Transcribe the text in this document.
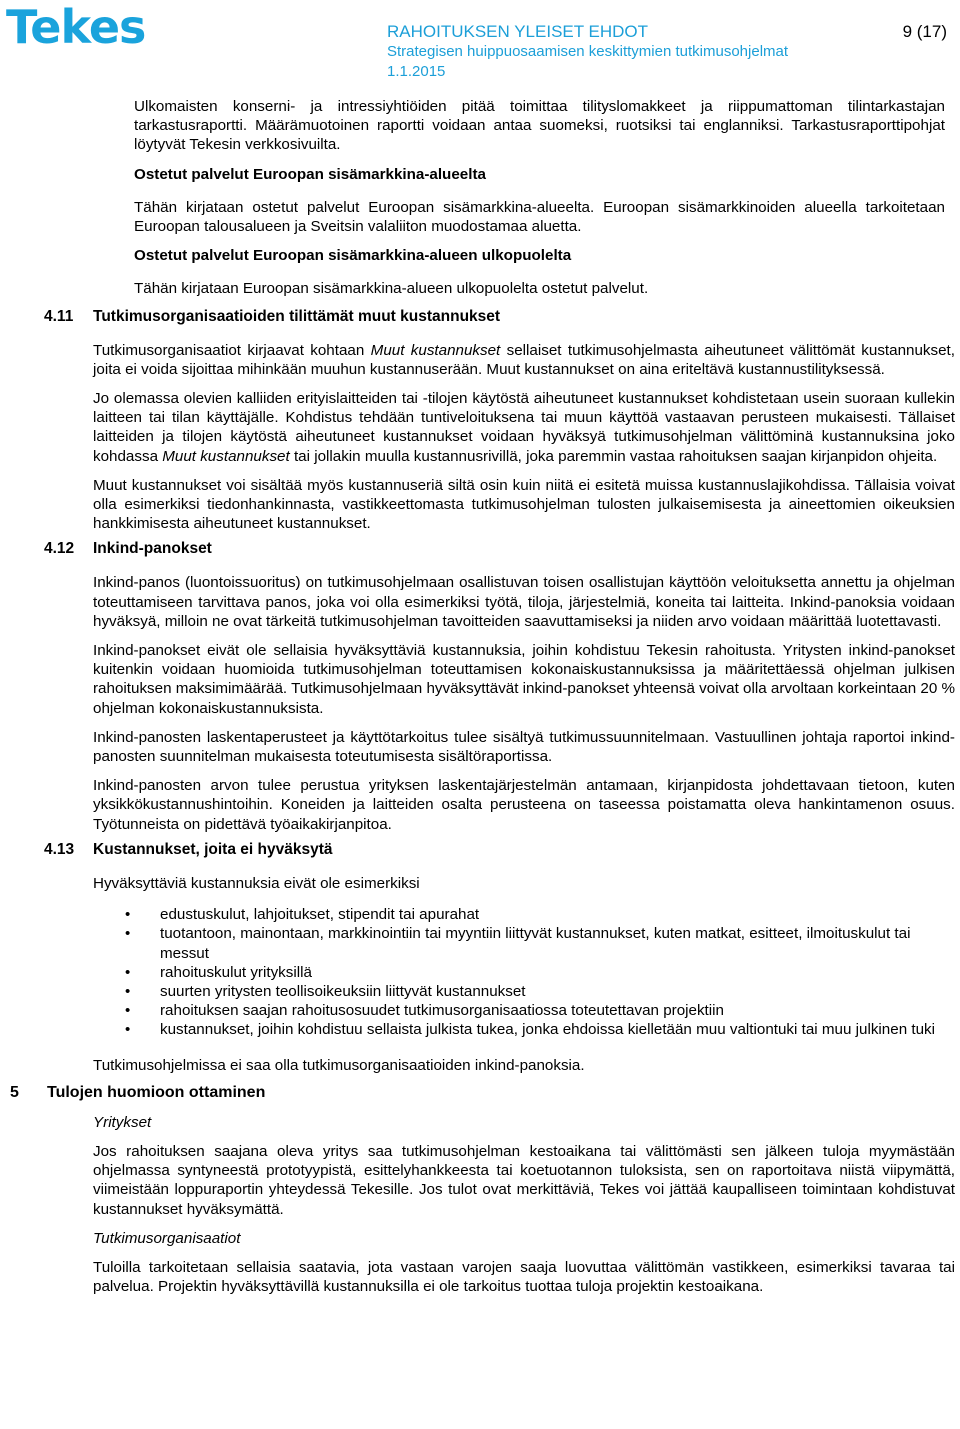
Tekes	RAHOITUKSEN YLEISET EHDOT
Strategisen huippuosaamisen keskittymien tutkimusohjelmat
1.1.2015
9 (17)

Ulkomaisten konserni- ja intressiyhtiöiden pitää toimittaa tilityslomakkeet ja riippumattoman tilintarkastajan tarkastusraportti. Määrämuotoinen raportti voidaan antaa suomeksi, ruotsiksi tai englanniksi. Tarkastusraporttipohjat löytyvät Tekesin verkkosivuilta.

Ostetut palvelut Euroopan sisämarkkina-alueelta

Tähän kirjataan ostetut palvelut Euroopan sisämarkkina-alueelta. Euroopan sisämarkkinoiden alueella tarkoitetaan Euroopan talousalueen ja Sveitsin valaliiton muodostamaa aluetta.

Ostetut palvelut Euroopan sisämarkkina-alueen ulkopuolelta

Tähän kirjataan Euroopan sisämarkkina-alueen ulkopuolelta ostetut palvelut.

4.11	Tutkimusorganisaatioiden tilittämät muut kustannukset

Tutkimusorganisaatiot kirjaavat kohtaan Muut kustannukset sellaiset tutkimusohjelmasta aiheutuneet välittömät kustannukset, joita ei voida sijoittaa mihinkään muuhun kustannuserään. Muut kustannukset on aina eriteltävä kustannustilityksessä.

Jo olemassa olevien kalliiden erityislaitteiden tai -tilojen käytöstä aiheutuneet kustannukset kohdistetaan usein suoraan kullekin laitteen tai tilan käyttäjälle. Kohdistus tehdään tuntiveloituksena tai muun käyttöä vastaavan perusteen mukaisesti. Tällaiset laitteiden ja tilojen käytöstä aiheutuneet kustannukset voidaan hyväksyä tutkimusohjelman välittöminä kustannuksina joko kohdassa Muut kustannukset tai jollakin muulla kustannusrivillä, joka paremmin vastaa rahoituksen saajan kirjanpidon ohjeita.

Muut kustannukset voi sisältää myös kustannuseriä siltä osin kuin niitä ei esitetä muissa kustannuslajikohdissa. Tällaisia voivat olla esimerkiksi tiedonhankinnasta, vastikkeettomasta tutkimusohjelman tulosten julkaisemisesta ja aineettomien oikeuksien hankkimisesta aiheutuneet kustannukset.

4.12	Inkind-panokset

Inkind-panos (luontoissuoritus) on tutkimusohjelmaan osallistuvan toisen osallistujan käyttöön veloituksetta annettu ja ohjelman toteuttamiseen tarvittava panos, joka voi olla esimerkiksi työtä, tiloja, järjestelmiä, koneita tai laitteita. Inkind-panoksia voidaan hyväksyä, milloin ne ovat tärkeitä tutkimusohjelman tavoitteiden saavuttamiseksi ja niiden arvo voidaan määrittää luotettavasti.

Inkind-panokset eivät ole sellaisia hyväksyttäviä kustannuksia, joihin kohdistuu Tekesin rahoitusta. Yritysten inkind-panokset kuitenkin voidaan huomioida tutkimusohjelman toteuttamisen kokonaiskustannuksissa ja määritettäessä ohjelman julkisen rahoituksen maksimimäärää. Tutkimusohjelmaan hyväksyttävät inkind-panokset yhteensä voivat olla arvoltaan korkeintaan 20 % ohjelman kokonaiskustannuksista.

Inkind-panosten laskentaperusteet ja käyttötarkoitus tulee sisältyä tutkimussuunnitelmaan. Vastuullinen johtaja raportoi inkind-panosten suunnitelman mukaisesta toteutumisesta sisältöraportissa.

Inkind-panosten arvon tulee perustua yrityksen laskentajärjestelmän antamaan, kirjanpidosta johdettavaan tietoon, kuten yksikkökustannushintoihin. Koneiden ja laitteiden osalta perusteena on taseessa poistamatta oleva hankintamenon osuus. Työtunneista on pidettävä työaikakirjanpitoa.

4.13	Kustannukset, joita ei hyväksytä

Hyväksyttäviä kustannuksia eivät ole esimerkiksi

• edustuskulut, lahjoitukset, stipendit tai apurahat
• tuotantoon, mainontaan, markkinointiin tai myyntiin liittyvät kustannukset, kuten matkat, esitteet, ilmoituskulut tai messut
• rahoituskulut yrityksillä
• suurten yritysten teollisoikeuksiin liittyvät kustannukset
• rahoituksen saajan rahoitusosuudet tutkimusorganisaatiossa toteutettavan projektiin
• kustannukset, joihin kohdistuu sellaista julkista tukea, jonka ehdoissa kielletään muu valtiontuki tai muu julkinen tuki

Tutkimusohjelmissa ei saa olla tutkimusorganisaatioiden inkind-panoksia.

5	Tulojen huomioon ottaminen
Yritykset

Jos rahoituksen saajana oleva yritys saa tutkimusohjelman kestoaikana tai välittömästi sen jälkeen tuloja myymästään ohjelmassa syntyneestä prototyypistä, esittelyhankkeesta tai koetuotannon tuloksista, sen on raportoitava niistä viipymättä, viimeistään loppuraportin yhteydessä Tekesille. Jos tulot ovat merkittäviä, Tekes voi jättää kaupalliseen toimintaan kohdistuvat kustannukset hyväksymättä.

Tutkimusorganisaatiot

Tuloilla tarkoitetaan sellaisia saatavia, jota vastaan varojen saaja luovuttaa välittömän vastikkeen, esimerkiksi tavaraa tai palvelua. Projektin hyväksyttävillä kustannuksilla ei ole tarkoitus tuottaa tuloja projektin kestoaikana.
